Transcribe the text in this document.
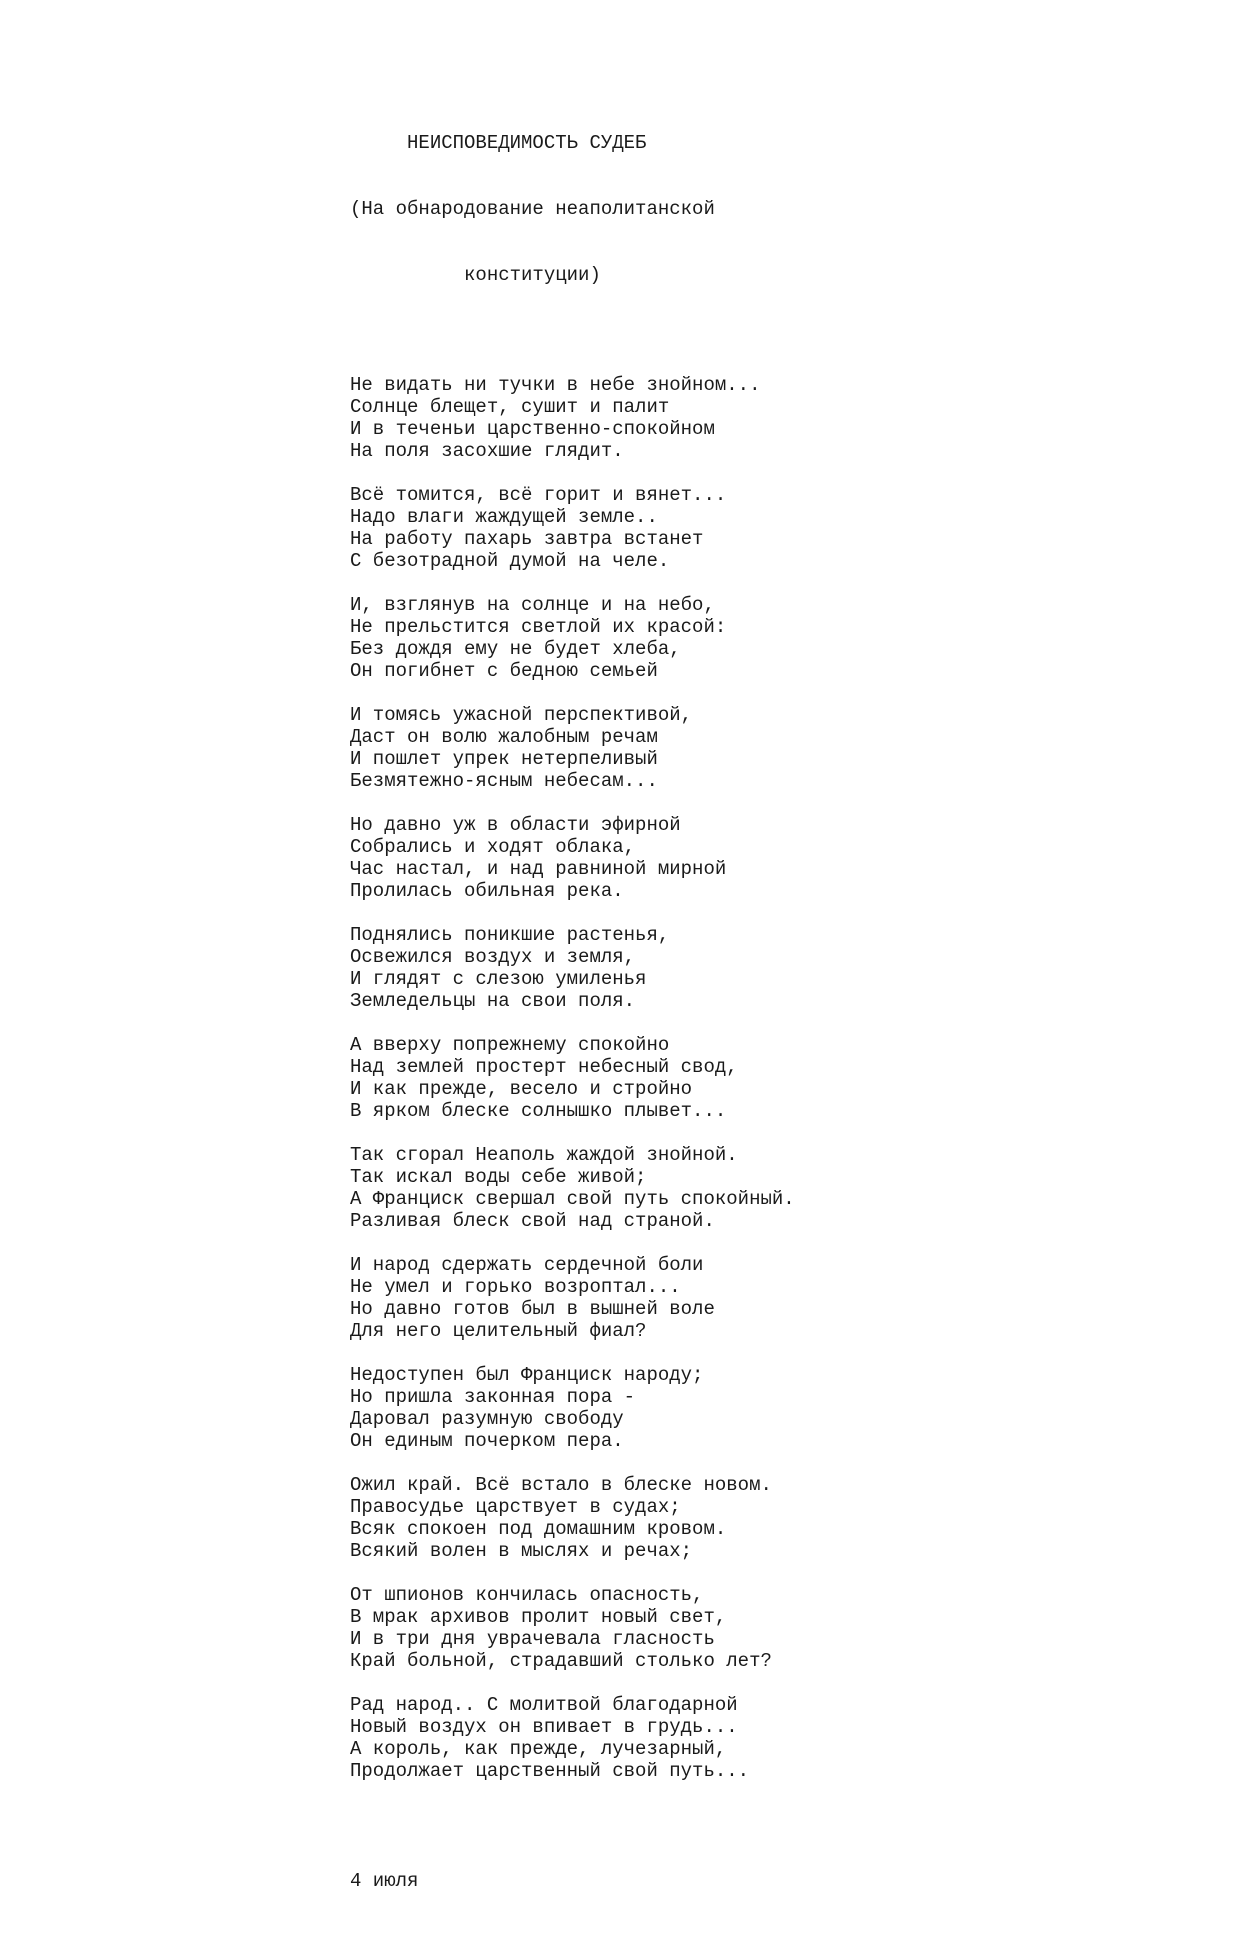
НЕИСПОВЕДИМОСТЬ СУДЕБ

(На обнародование неаполитанской

конституции)

Не видать ни тучки в небе знойном...
Солнце блещет, сушит и палит
И в теченьи царственно-спокойном
На поля засохшие глядит.
Всё томится, всё горит и вянет...
Надо влаги жаждущей земле..
На работу пахарь завтра встанет
С безотрадной думой на челе.
И, взглянув на солнце и на небо,
Не прельстится светлой их красой:
Без дождя ему не будет хлеба,
Он погибнет с бедною семьей
И томясь ужасной перспективой,
Даст он волю жалобным речам
И пошлет упрек нетерпеливый
Безмятежно-ясным небесам...
Но давно уж в области эфирной
Собрались и ходят облака,
Час настал, и над равниной мирной
Пролилась обильная река.
Поднялись поникшие растенья,
Освежился воздух и земля,
И глядят с слезою умиленья
Земледельцы на свои поля.
А вверху попрежнему спокойно
Над землей простерт небесный свод,
И как прежде, весело и стройно
В ярком блеске солнышко плывет...
Так сгорал Неаполь жаждой знойной.
Так искал воды себе живой;
А Франциск свершал свой путь спокойный.
Разливая блеск свой над страной.
И народ сдержать сердечной боли
Не умел и горько возроптал...
Но давно готов был в вышней воле
Для него целительный фиал?
Недоступен был Франциск народу;
Но пришла законная пора -
Даровал разумную свободу
Он единым почерком пера.
Ожил край. Всё встало в блеске новом.
Правосудье царствует в судах;
Всяк спокоен под домашним кровом.
Всякий волен в мыслях и речах;
От шпионов кончилась опасность,
В мрак архивов пролит новый свет,
И в три дня уврачевала гласность
Край больной, страдавший столько лет?
Рад народ.. С молитвой благодарной
Новый воздух он впивает в грудь...
А король, как прежде, лучезарный,
Продолжает царственный свой путь...

4 июля
